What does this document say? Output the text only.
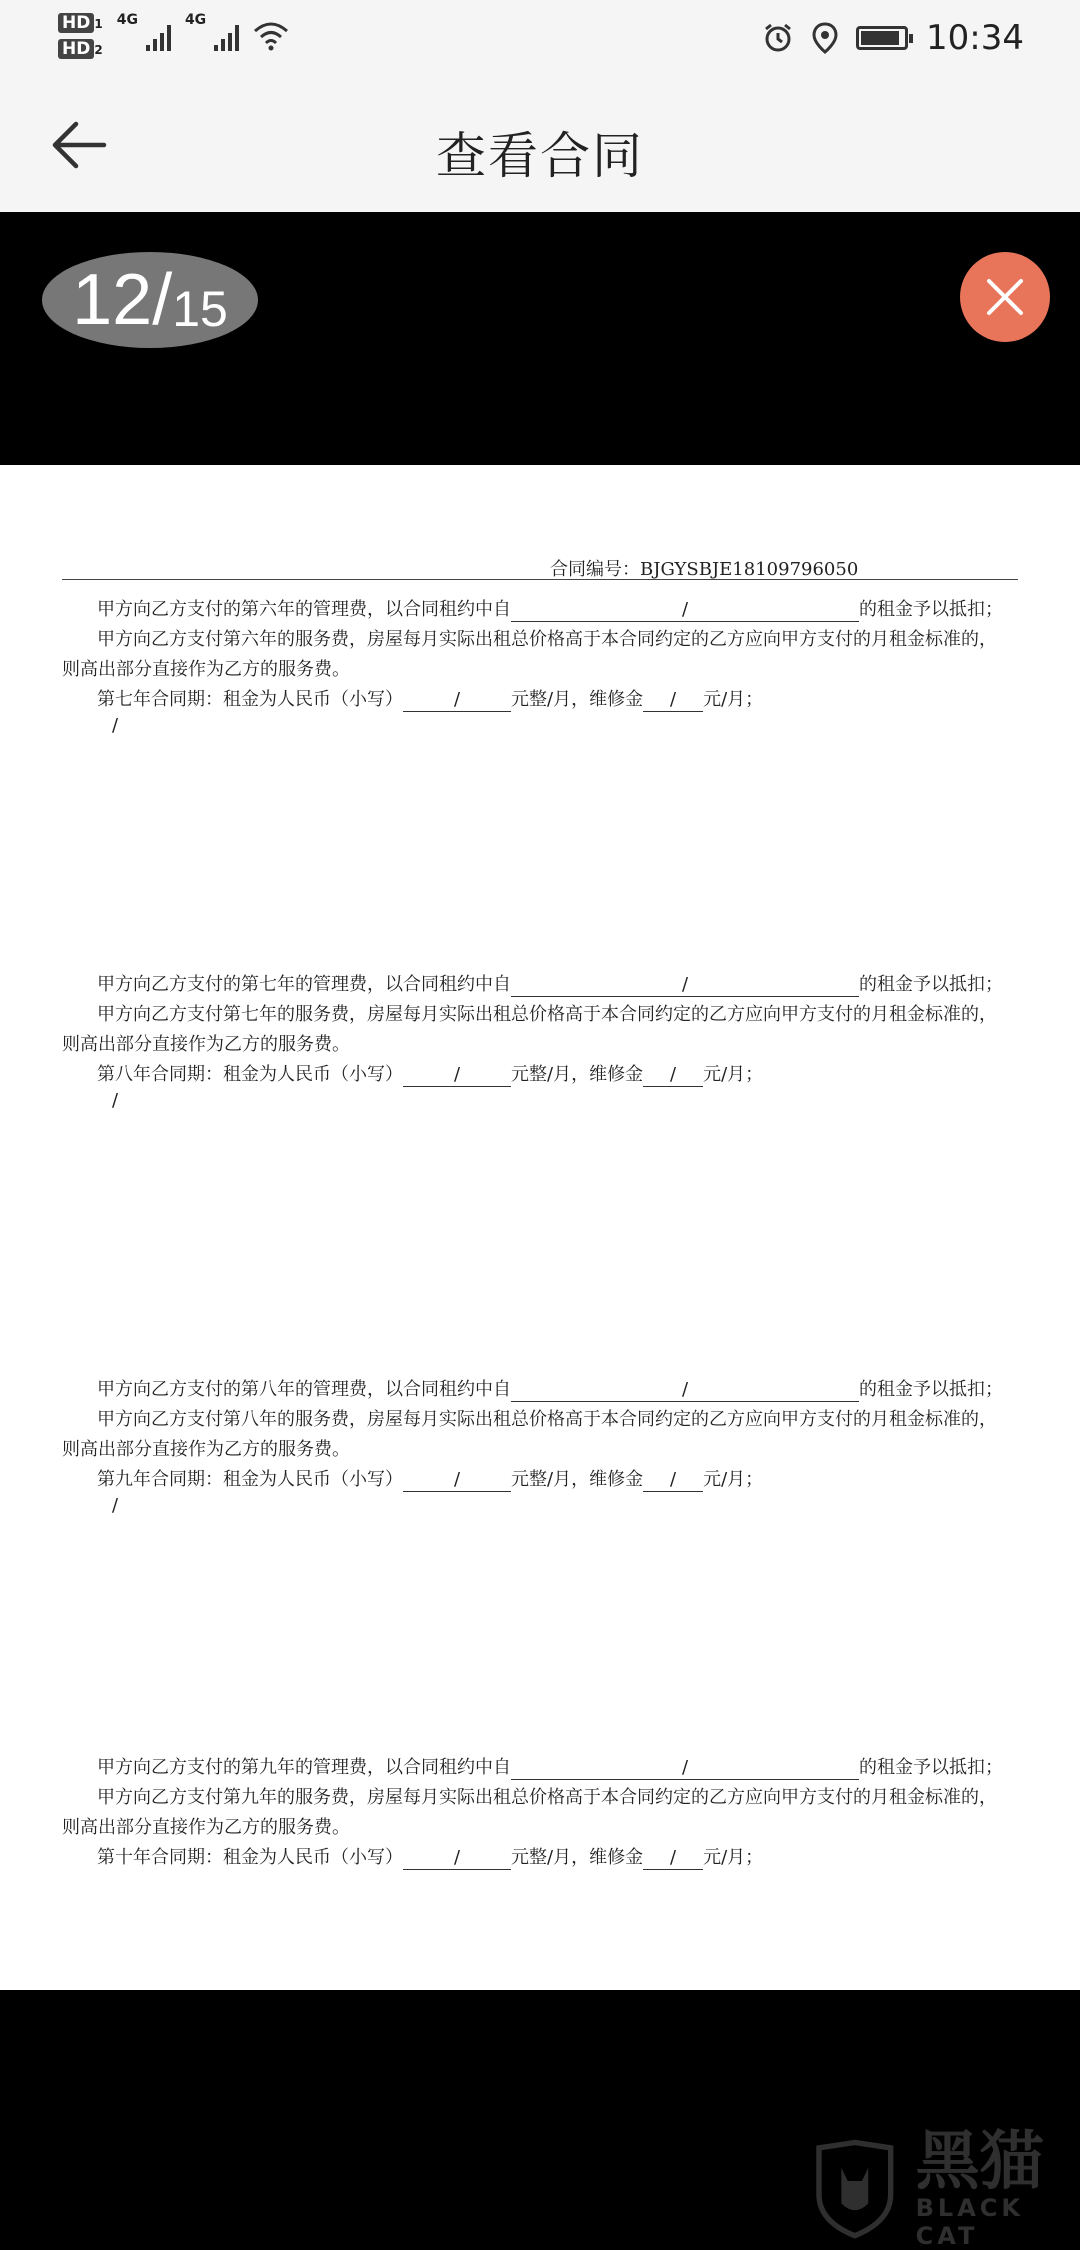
HD 1
HD 2
4G	4G	10:34
查看合同
12 / 15
合同编号：BJGYSBJE18109796050
甲方向乙方支付的第六年的管理费，以合同租约中自	/	的租金予以抵扣；
甲方向乙方支付第六年的服务费，房屋每月实际出租总价格高于本合同约定的乙方应向甲方支付的月租金标准的，
则高出部分直接作为乙方的服务费。
第七年合同期：租金为人民币（小写）	/	元整/月，维修金 / 元/月；
/
甲方向乙方支付的第七年的管理费，以合同租约中自	/	的租金予以抵扣；
甲方向乙方支付第七年的服务费，房屋每月实际出租总价格高于本合同约定的乙方应向甲方支付的月租金标准的，
则高出部分直接作为乙方的服务费。
第八年合同期：租金为人民币（小写）	/	元整/月，维修金 / 元/月；
/
甲方向乙方支付的第八年的管理费，以合同租约中自	/	的租金予以抵扣；
甲方向乙方支付第八年的服务费，房屋每月实际出租总价格高于本合同约定的乙方应向甲方支付的月租金标准的，
则高出部分直接作为乙方的服务费。
第九年合同期：租金为人民币（小写）	/	元整/月，维修金 / 元/月；
/
甲方向乙方支付的第九年的管理费，以合同租约中自	/	的租金予以抵扣；
甲方向乙方支付第九年的服务费，房屋每月实际出租总价格高于本合同约定的乙方应向甲方支付的月租金标准的，
则高出部分直接作为乙方的服务费。
第十年合同期：租金为人民币（小写）	/	元整/月，维修金 / 元/月；
黑猫
BLACK CAT
